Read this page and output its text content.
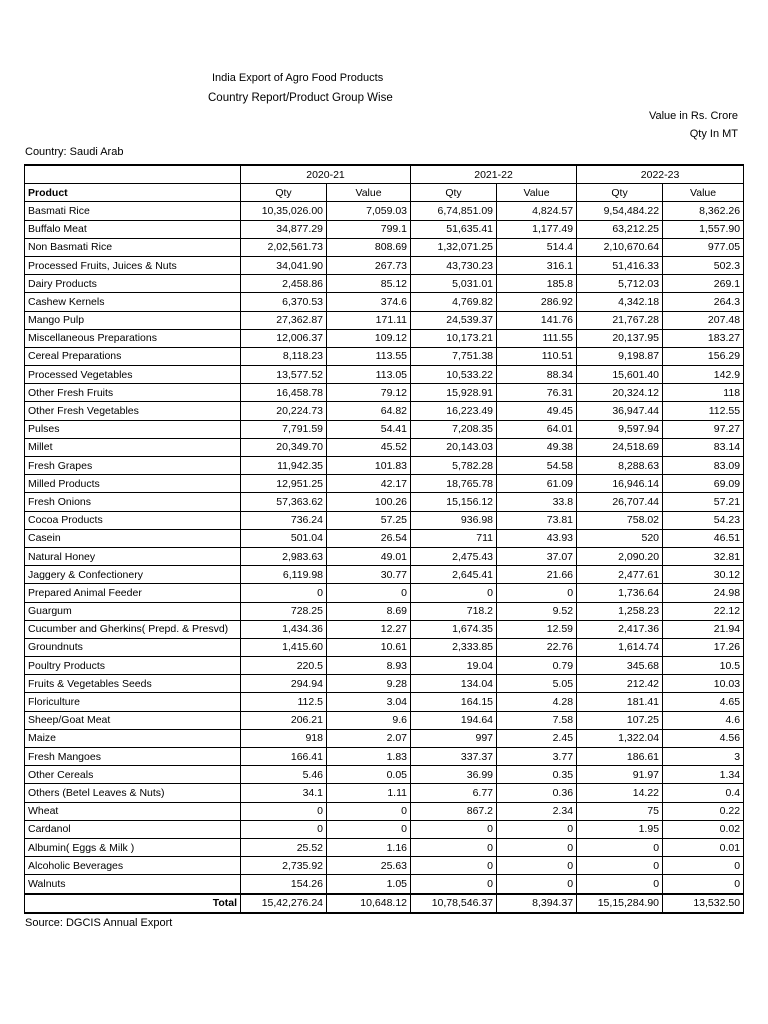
India Export of Agro Food Products
Country Report/Product Group Wise
Value in Rs. Crore
Qty In MT
Country: Saudi Arab
	2020-21		2021-22		2022-23	
Product	Qty	Value	Qty	Value	Qty	Value
Basmati Rice	10,35,026.00	7,059.03	6,74,851.09	4,824.57	9,54,484.22	8,362.26
Buffalo Meat	34,877.29	799.1	51,635.41	1,177.49	63,212.25	1,557.90
Non Basmati Rice	2,02,561.73	808.69	1,32,071.25	514.4	2,10,670.64	977.05
Processed Fruits, Juices & Nuts	34,041.90	267.73	43,730.23	316.1	51,416.33	502.3
Dairy Products	2,458.86	85.12	5,031.01	185.8	5,712.03	269.1
Cashew Kernels	6,370.53	374.6	4,769.82	286.92	4,342.18	264.3
Mango Pulp	27,362.87	171.11	24,539.37	141.76	21,767.28	207.48
Miscellaneous Preparations	12,006.37	109.12	10,173.21	111.55	20,137.95	183.27
Cereal Preparations	8,118.23	113.55	7,751.38	110.51	9,198.87	156.29
Processed Vegetables	13,577.52	113.05	10,533.22	88.34	15,601.40	142.9
Other Fresh Fruits	16,458.78	79.12	15,928.91	76.31	20,324.12	118
Other Fresh Vegetables	20,224.73	64.82	16,223.49	49.45	36,947.44	112.55
Pulses	7,791.59	54.41	7,208.35	64.01	9,597.94	97.27
Millet	20,349.70	45.52	20,143.03	49.38	24,518.69	83.14
Fresh Grapes	11,942.35	101.83	5,782.28	54.58	8,288.63	83.09
Milled Products	12,951.25	42.17	18,765.78	61.09	16,946.14	69.09
Fresh Onions	57,363.62	100.26	15,156.12	33.8	26,707.44	57.21
Cocoa Products	736.24	57.25	936.98	73.81	758.02	54.23
Casein	501.04	26.54	711	43.93	520	46.51
Natural Honey	2,983.63	49.01	2,475.43	37.07	2,090.20	32.81
Jaggery & Confectionery	6,119.98	30.77	2,645.41	21.66	2,477.61	30.12
Prepared Animal Feeder	0	0	0	0	1,736.64	24.98
Guargum	728.25	8.69	718.2	9.52	1,258.23	22.12
Cucumber and Gherkins( Prepd. & Presvd)	1,434.36	12.27	1,674.35	12.59	2,417.36	21.94
Groundnuts	1,415.60	10.61	2,333.85	22.76	1,614.74	17.26
Poultry Products	220.5	8.93	19.04	0.79	345.68	10.5
Fruits & Vegetables Seeds	294.94	9.28	134.04	5.05	212.42	10.03
Floriculture	112.5	3.04	164.15	4.28	181.41	4.65
Sheep/Goat Meat	206.21	9.6	194.64	7.58	107.25	4.6
Maize	918	2.07	997	2.45	1,322.04	4.56
Fresh Mangoes	166.41	1.83	337.37	3.77	186.61	3
Other Cereals	5.46	0.05	36.99	0.35	91.97	1.34
Others (Betel Leaves & Nuts)	34.1	1.11	6.77	0.36	14.22	0.4
Wheat	0	0	867.2	2.34	75	0.22
Cardanol	0	0	0	0	1.95	0.02
Albumin( Eggs & Milk )	25.52	1.16	0	0	0	0.01
Alcoholic Beverages	2,735.92	25.63	0	0	0	0
Walnuts	154.26	1.05	0	0	0	0
Total	15,42,276.24	10,648.12	10,78,546.37	8,394.37	15,15,284.90	13,532.50
Source: DGCIS Annual Export
